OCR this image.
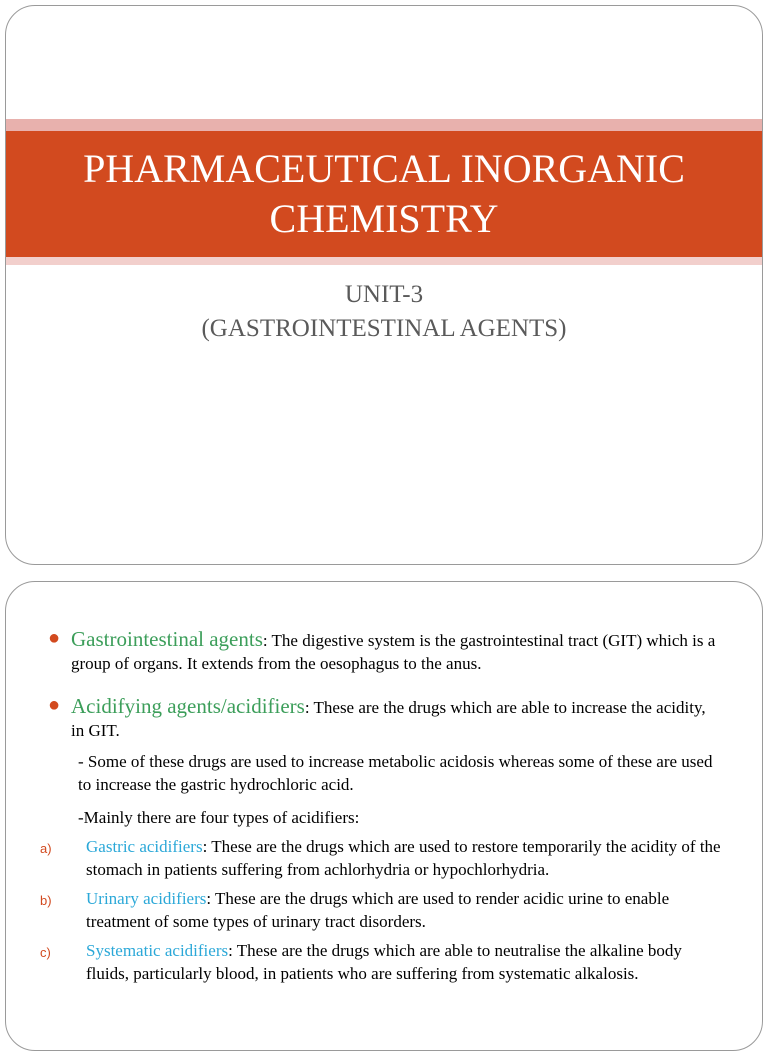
PHARMACEUTICAL INORGANIC
CHEMISTRY
UNIT-3
(GASTROINTESTINAL AGENTS)
● Gastrointestinal agents: The digestive system is the gastrointestinal tract (GIT) which is a group of organs. It extends from the oesophagus to the anus.
● Acidifying agents/acidifiers: These are the drugs which are able to increase the acidity, in GIT.
- Some of these drugs are used to increase metabolic acidosis whereas some of these are used to increase the gastric hydrochloric acid.
-Mainly there are four types of acidifiers:
a) Gastric acidifiers: These are the drugs which are used to restore temporarily the acidity of the stomach in patients suffering from achlorhydria or hypochlorhydria.
b) Urinary acidifiers: These are the drugs which are used to render acidic urine to enable treatment of some types of urinary tract disorders.
c) Systematic acidifiers: These are the drugs which are able to neutralise the alkaline body fluids, particularly blood, in patients who are suffering from systematic alkalosis.
